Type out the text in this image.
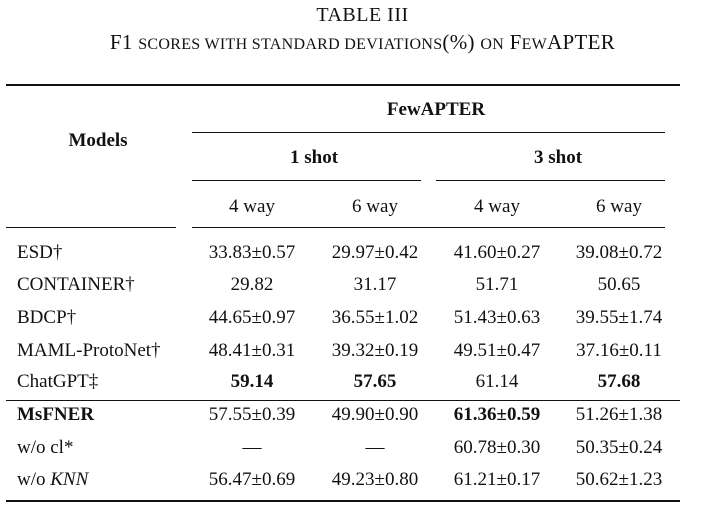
TABLE III
F1 SCORES WITH STANDARD DEVIATIONS(%) ON FEWAPTER
Models
FewAPTER
1 shot	3 shot
4 way	6 way	4 way	6 way
ESD†	33.83±0.57 29.97±0.42 41.60±0.27 39.08±0.72
CONTAINER†	29.82	31.17	51.71	50.65
BDCP†	44.65±0.97 36.55±1.02 51.43±0.63 39.55±1.74
MAML-ProtoNet†	48.41±0.31 39.32±0.19 49.51±0.47 37.16±0.11
ChatGPT‡	59.14	57.65	61.14	57.68
MsFNER	57.55±0.39 49.90±0.90 61.36±0.59 51.26±1.38
w/o cl*	—	—	60.78±0.30 50.35±0.24
w/o KNN	56.47±0.69 49.23±0.80 61.21±0.17 50.62±1.23
